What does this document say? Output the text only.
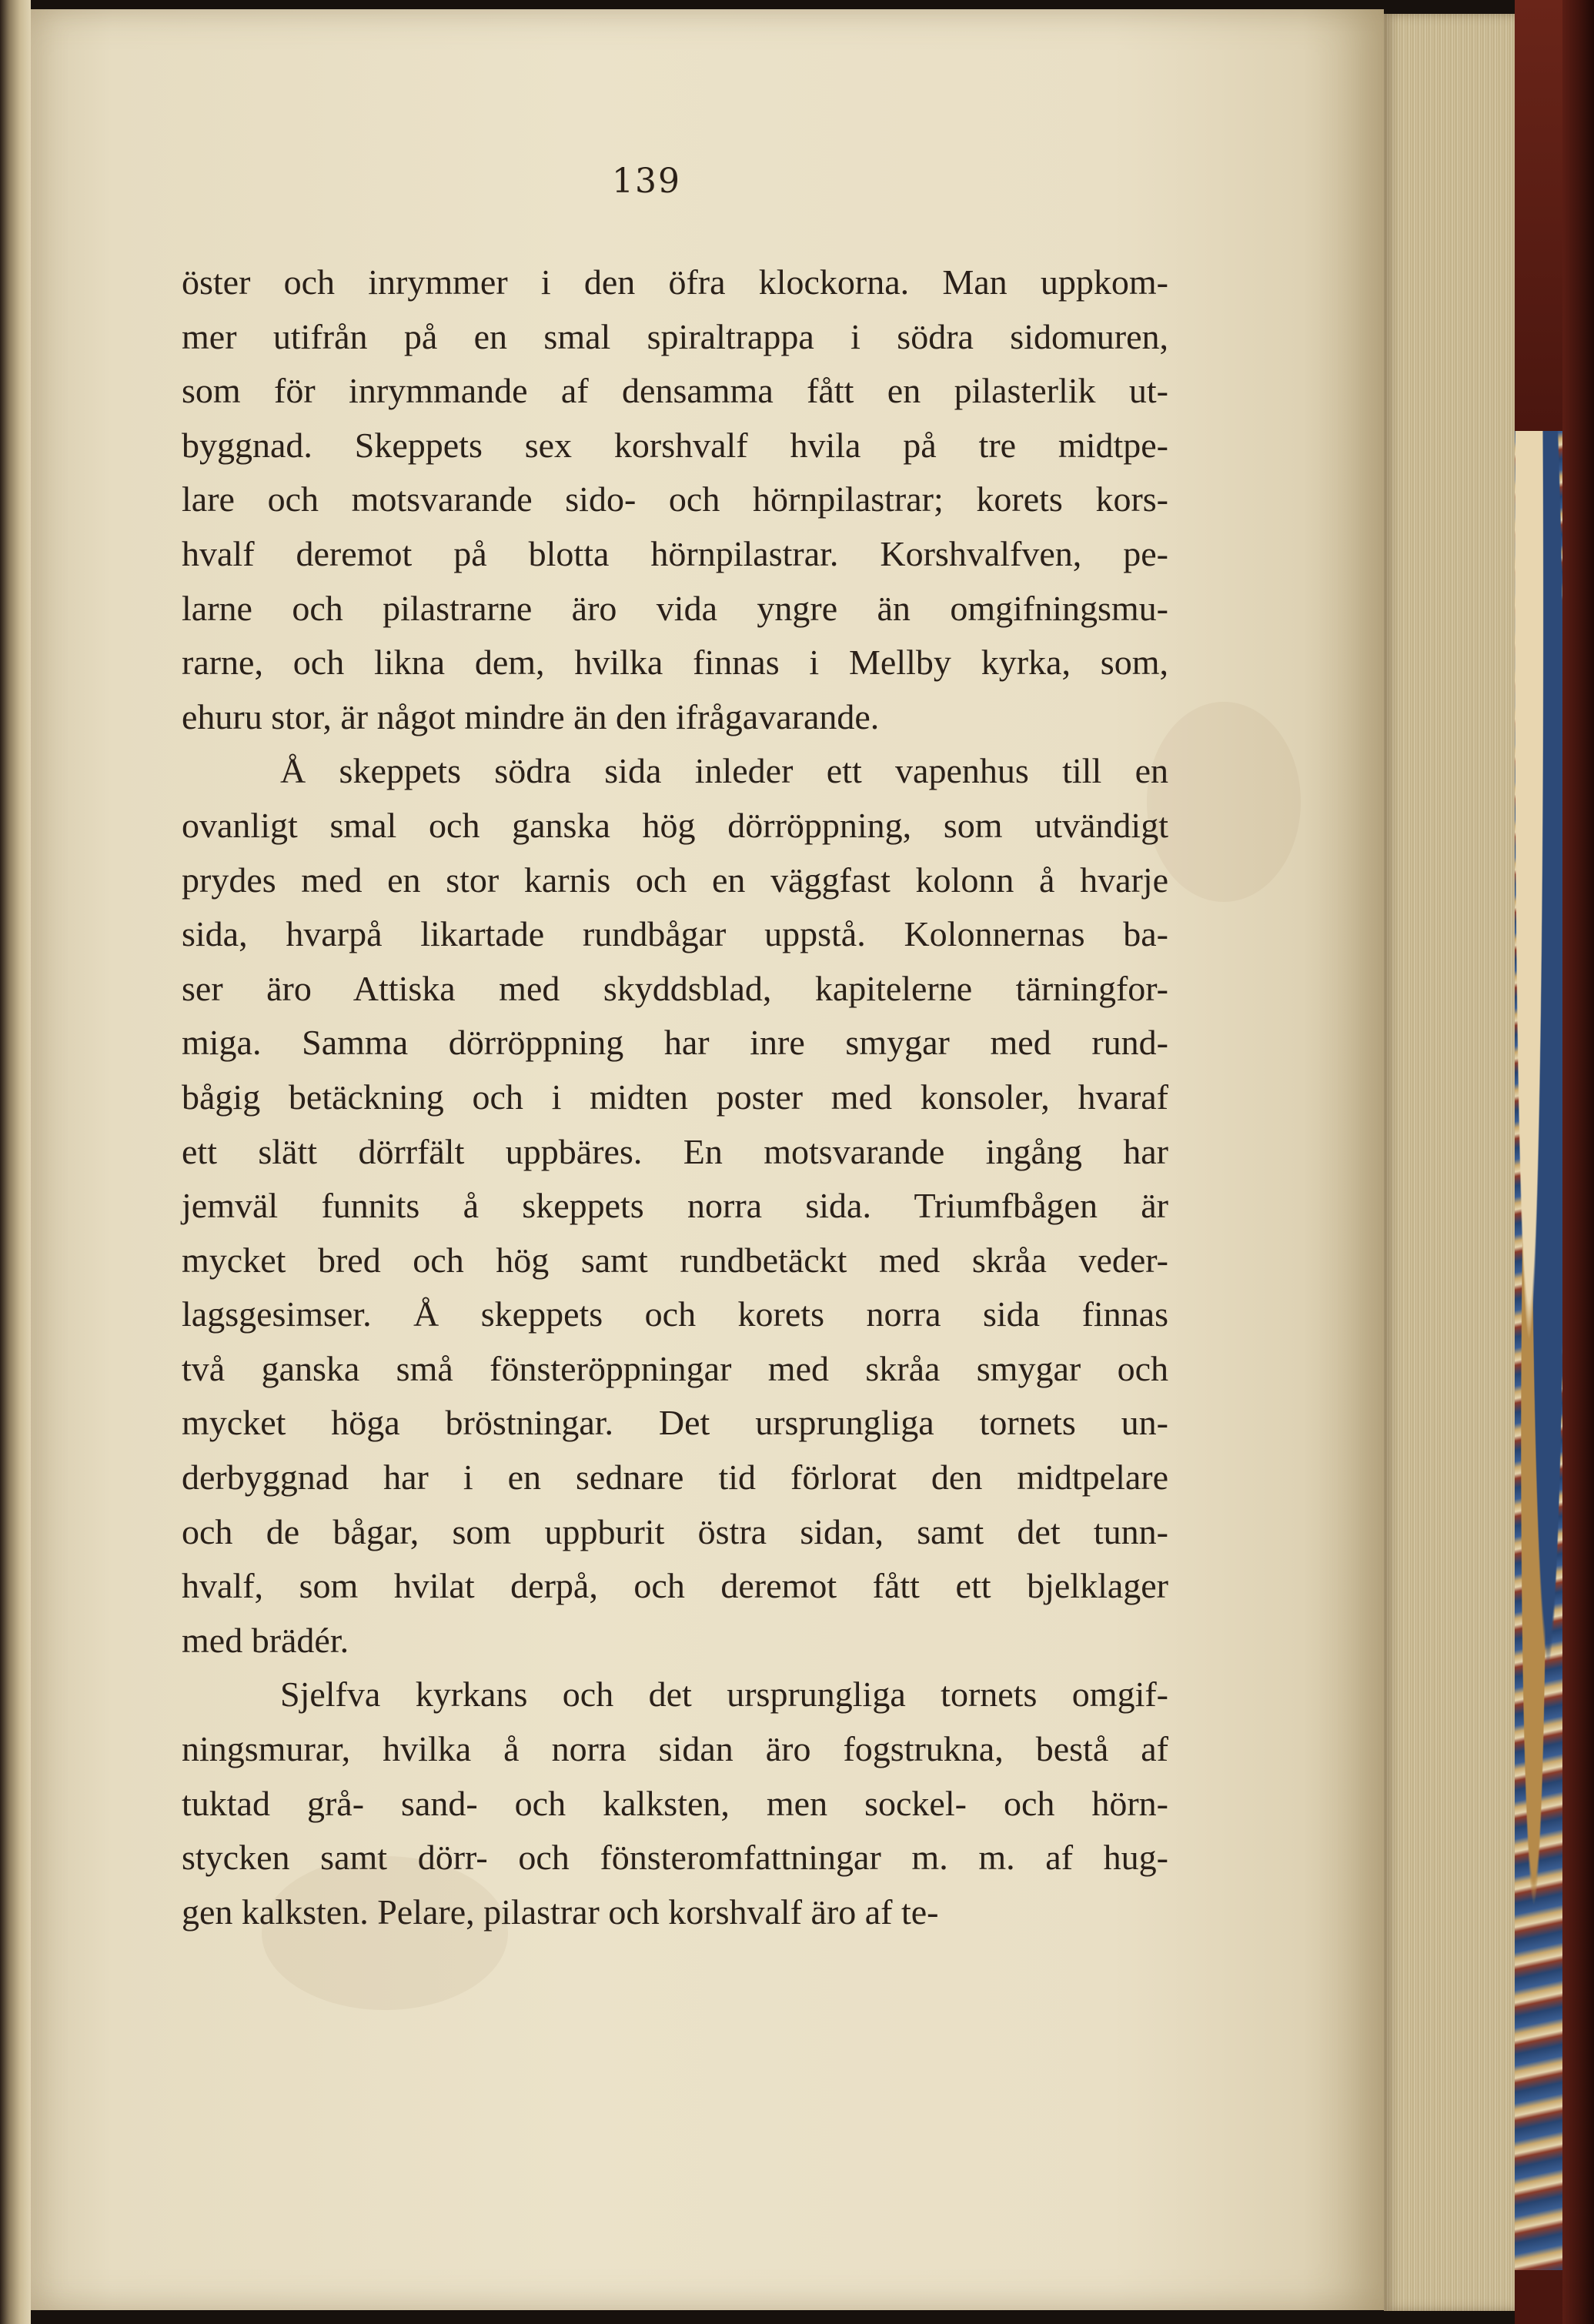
139

öster och inrymmer i den öfra klockorna. Man uppkom-
mer utifrån på en smal spiraltrappa i södra sidomuren,
som för inrymmande af densamma fått en pilasterlik ut-
byggnad. Skeppets sex korshvalf hvila på tre midtpe-
lare och motsvarande sido- och hörnpilastrar; korets kors-
hvalf deremot på blotta hörnpilastrar. Korshvalfven, pe-
larne och pilastrarne äro vida yngre än omgifningsmu-
rarne, och likna dem, hvilka finnas i Mellby kyrka, som,
ehuru stor, är något mindre än den ifrågavarande.

Å skeppets södra sida inleder ett vapenhus till en
ovanligt smal och ganska hög dörröppning, som utvändigt
prydes med en stor karnis och en väggfast kolonn å hvarje
sida, hvarpå likartade rundbågar uppstå. Kolonnernas ba-
ser äro Attiska med skyddsblad, kapitelerne tärningfor-
miga. Samma dörröppning har inre smygar med rund-
bågig betäckning och i midten poster med konsoler, hvaraf
ett slätt dörrfält uppbäres. En motsvarande ingång har
jemväl funnits å skeppets norra sida. Triumfbågen är
mycket bred och hög samt rundbetäckt med skråa veder-
lagsgesimser. Å skeppets och korets norra sida finnas
två ganska små fönsteröppningar med skråa smygar och
mycket höga bröstningar. Det ursprungliga tornets un-
derbyggnad har i en sednare tid förlorat den midtpelare
och de bågar, som uppburit östra sidan, samt det tunn-
hvalf, som hvilat derpå, och deremot fått ett bjelklager
med brädér.

Sjelfva kyrkans och det ursprungliga tornets omgif-
ningsmurar, hvilka å norra sidan äro fogstrukna, bestå af
tuktad grå- sand- och kalksten, men sockel- och hörn-
stycken samt dörr- och fönsteromfattningar m. m. af hug-
gen kalksten. Pelare, pilastrar och korshvalf äro af te-
